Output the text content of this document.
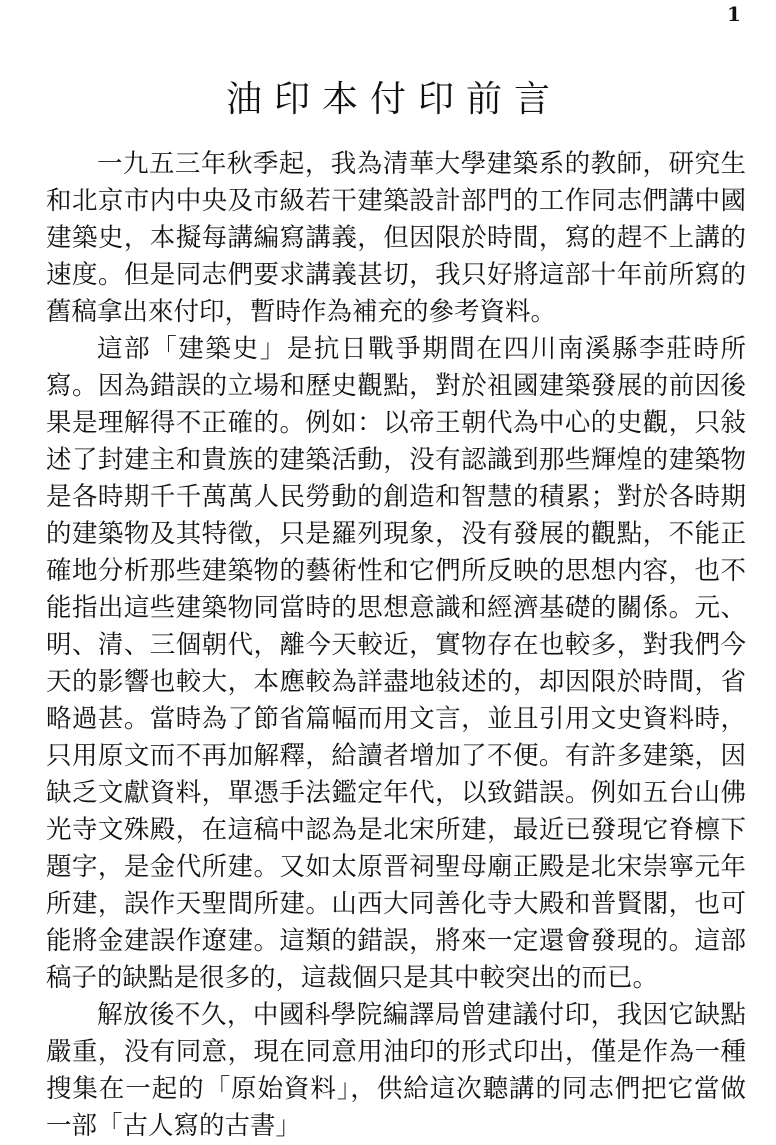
1
油印本付印前言

一九五三年秋季起，我為清華大學建築系的教師，研究生和北京市内中央及市級若干建築設計部門的工作同志們講中國建築史，本擬每講編寫講義，但因限於時間，寫的趕不上講的速度。但是同志們要求講義甚切，我只好將這部十年前所寫的舊稿拿出來付印，暫時作為補充的參考資料。

這部「建築史」是抗日戰爭期間在四川南溪縣李莊時所寫。因為錯誤的立場和歷史觀點，對於祖國建築發展的前因後果是理解得不正確的。例如：以帝王朝代為中心的史觀，只敍述了封建主和貴族的建築活動，没有認識到那些輝煌的建築物是各時期千千萬萬人民勞動的創造和智慧的積累；對於各時期的建築物及其特徵，只是羅列現象，没有發展的觀點，不能正確地分析那些建築物的藝術性和它們所反映的思想内容，也不能指出這些建築物同當時的思想意識和經濟基礎的關係。元、明、清、三個朝代，離今天較近，實物存在也較多，對我們今天的影響也較大，本應較為詳盡地敍述的，却因限於時間，省略過甚。當時為了節省篇幅而用文言，並且引用文史資料時，只用原文而不再加解釋，給讀者增加了不便。有許多建築，因缺乏文獻資料，單憑手法鑑定年代，以致錯誤。例如五台山佛光寺文殊殿，在這稿中認為是北宋所建，最近已發現它脊檩下題字，是金代所建。又如太原晋祠聖母廟正殿是北宋崇寧元年所建，誤作天聖間所建。山西大同善化寺大殿和普賢閣，也可能將金建誤作遼建。這類的錯誤，將來一定還會發現的。這部稿子的缺點是很多的，這裁個只是其中較突出的而已。

解放後不久，中國科學院編譯局曾建議付印，我因它缺點嚴重，没有同意，現在同意用油印的形式印出，僅是作為一種搜集在一起的「原始資料」，供給這次聽講的同志們把它當做一部「古人寫的古書」
